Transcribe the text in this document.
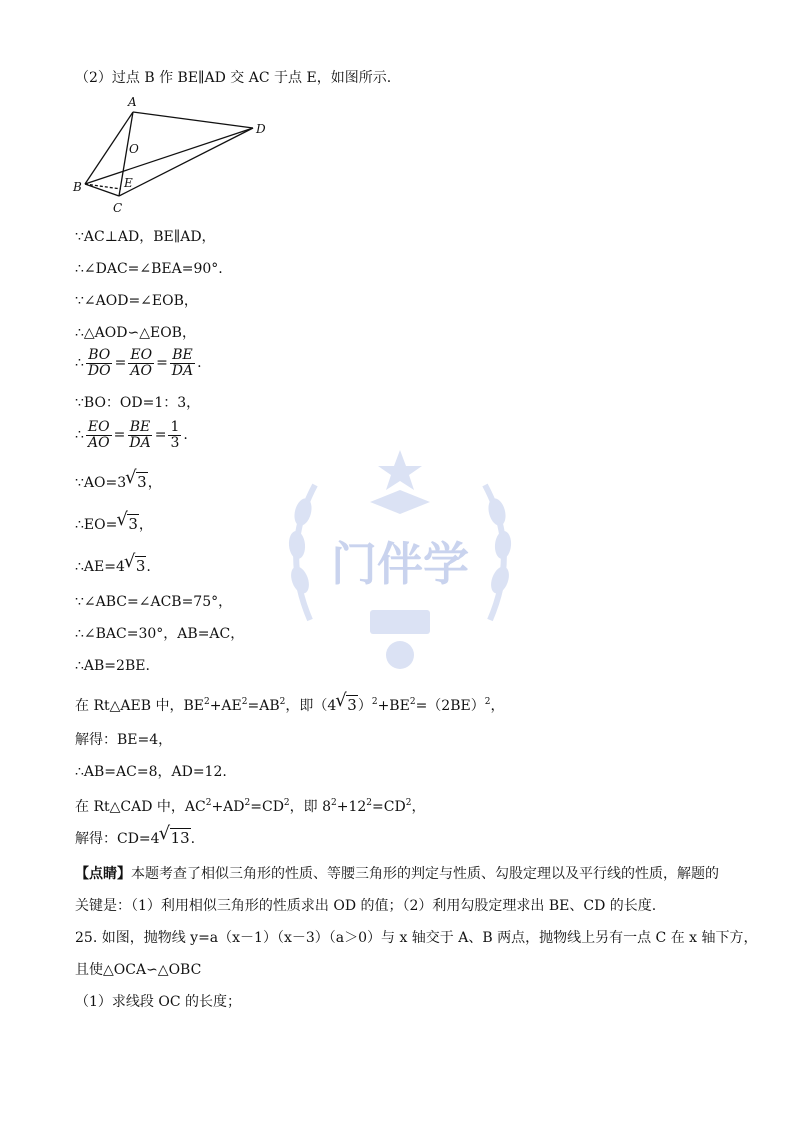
门伴学
（2）过点 B 作 BE∥AD 交 AC 于点 E，如图所示.
A
D
O
B	E
C
∵AC⊥AD，BE∥AD，
∴∠DAC=∠BEA=90°.
∵∠AOD=∠EOB，
∴△AOD∽△EOB，
∴ $\frac{BO}{DO} = \frac{EO}{AO} = \frac{BE}{DA}$ .
∵BO：OD=1：3，
∴ $\frac{EO}{AO} = \frac{BE}{DA} = \frac{1}{3}$ .
∵AO=3 √ 3，
∴EO= √ 3，
∴AE=4 √ 3.
∵∠ABC=∠ACB=75°，
∴∠BAC=30°，AB=AC，
∴AB=2BE.
在 Rt△AEB 中，$BE^2+AE^2=AB^2$，即（4 √ $3)^2+BE^2=(2BE)^2$，
解得：BE=4，
∴AB=AC=8，AD=12.
在 Rt△CAD 中，$AC^2+AD^2=CD^2$，即 $8^2+12^2=CD^2$，
解得：CD=4 √ 13.
【点睛】本题考查了相似三角形的性质、等腰三角形的判定与性质、勾股定理以及平行线的性质，解题的
关键是：（1）利用相似三角形的性质求出 OD 的值；（2）利用勾股定理求出 BE、CD 的长度.
25. 如图，抛物线 y=a（x－1）（x－3）（a＞0）与 x 轴交于 A、B 两点，抛物线上另有一点 C 在 x 轴下方，
且使△OCA∽△OBC
（1）求线段 OC 的长度；
